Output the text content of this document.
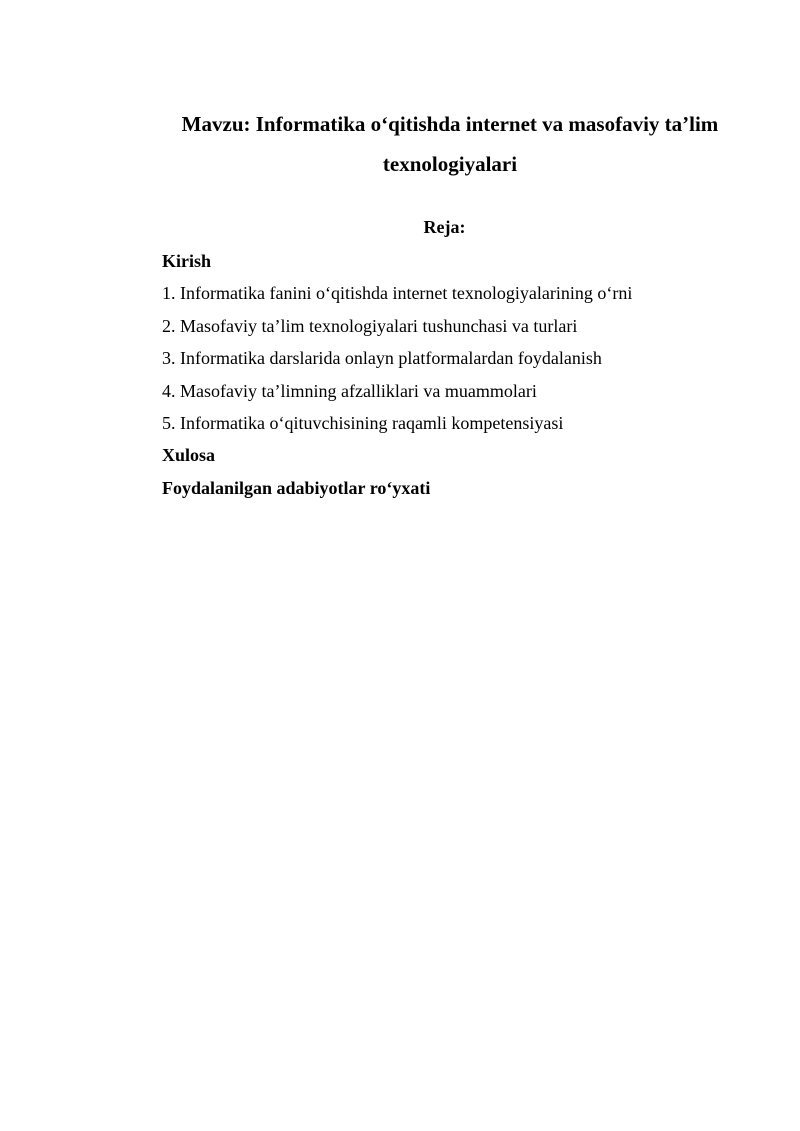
Mavzu: Informatika o‘qitishda internet va masofaviy ta’lim
texnologiyalari
Reja:
Kirish
1. Informatika fanini o‘qitishda internet texnologiyalarining o‘rni
2. Masofaviy ta’lim texnologiyalari tushunchasi va turlari
3. Informatika darslarida onlayn platformalardan foydalanish
4. Masofaviy ta’limning afzalliklari va muammolari
5. Informatika o‘qituvchisining raqamli kompetensiyasi
Xulosa
Foydalanilgan adabiyotlar ro‘yxati
